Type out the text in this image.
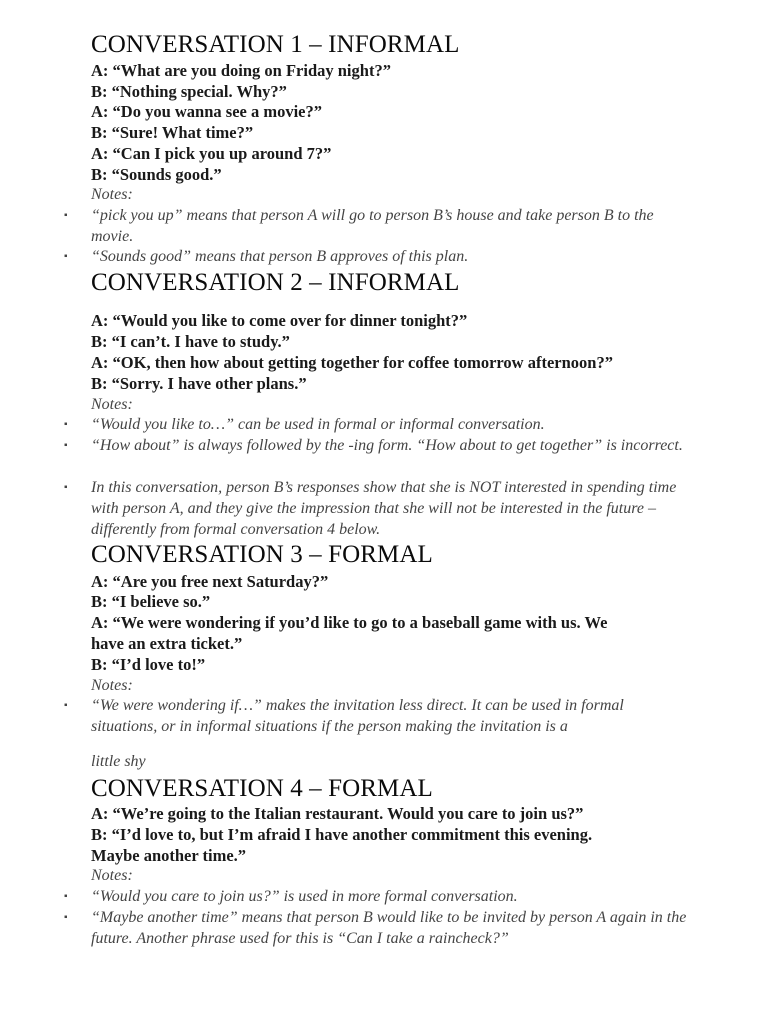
CONVERSATION 1 – INFORMAL
A: “What are you doing on Friday night?”
B: “Nothing special. Why?”
A: “Do you wanna see a movie?”
B: “Sure! What time?”
A: “Can I pick you up around 7?”
B: “Sounds good.”
Notes:
▪ “pick you up” means that person A will go to person B’s house and take person B to the movie.
▪ “Sounds good” means that person B approves of this plan.
CONVERSATION 2 – INFORMAL
A: “Would you like to come over for dinner tonight?”
B: “I can’t. I have to study.”
A: “OK, then how about getting together for coffee tomorrow afternoon?”
B: “Sorry. I have other plans.”
Notes:
▪ “Would you like to…” can be used in formal or informal conversation.
▪ “How about” is always followed by the -ing form. “How about to get together” is incorrect.
▪ In this conversation, person B’s responses show that she is NOT interested in spending time with person A, and they give the impression that she will not be interested in the future – differently from formal conversation 4 below.
CONVERSATION 3 – FORMAL
A: “Are you free next Saturday?”
B: “I believe so.”
A: “We were wondering if you’d like to go to a baseball game with us. We
have an extra ticket.”
B: “I’d love to!”
Notes:
▪ “We were wondering if…” makes the invitation less direct. It can be used in formal situations, or in informal situations if the person making the invitation is a
little shy
CONVERSATION 4 – FORMAL
A: “We’re going to the Italian restaurant. Would you care to join us?”
B: “I’d love to, but I’m afraid I have another commitment this evening.
Maybe another time.”
Notes:
▪ “Would you care to join us?” is used in more formal conversation.
▪ “Maybe another time” means that person B would like to be invited by person A again in the future. Another phrase used for this is “Can I take a raincheck?”
